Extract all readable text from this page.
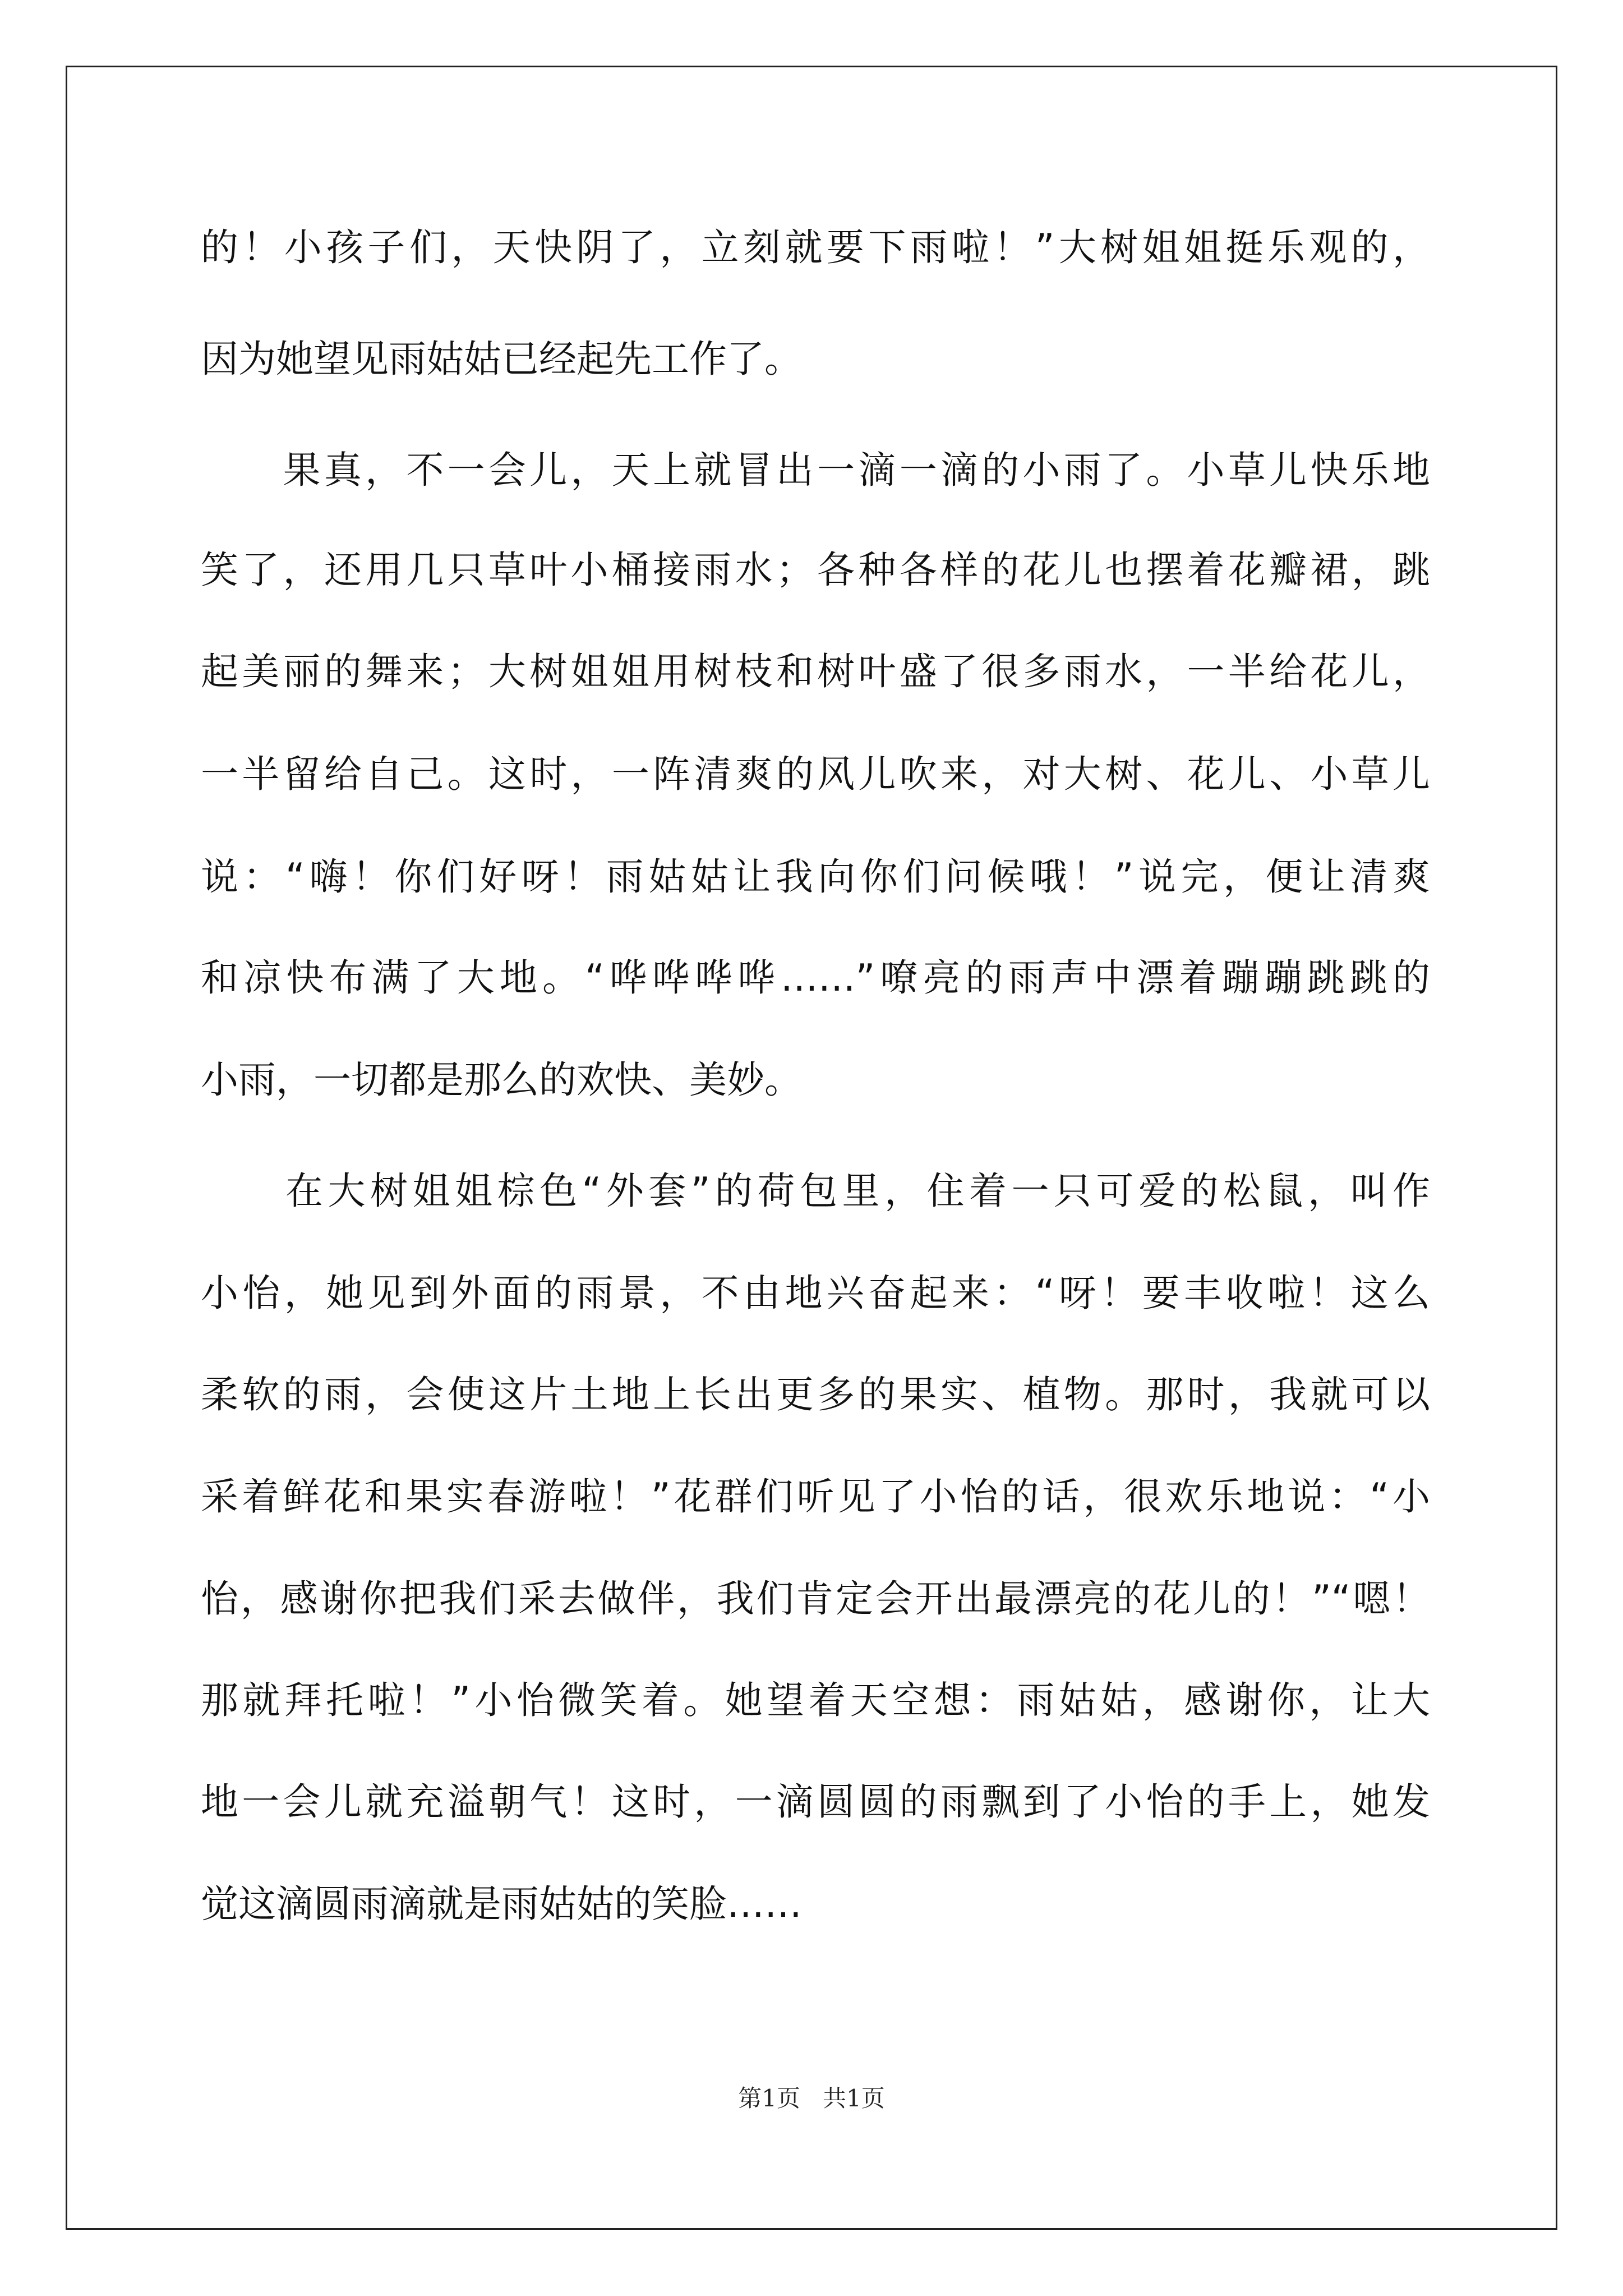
的！小孩子们，天快阴了，立刻就要下雨啦！”大树姐姐挺乐观的，

因为她望见雨姑姑已经起先工作了。

　　果真，不一会儿，天上就冒出一滴一滴的小雨了。小草儿快乐地

笑了，还用几只草叶小桶接雨水；各种各样的花儿也摆着花瓣裙，跳

起美丽的舞来；大树姐姐用树枝和树叶盛了很多雨水，一半给花儿，

一半留给自己。这时，一阵清爽的风儿吹来，对大树、花儿、小草儿

说：“嗨！你们好呀！雨姑姑让我向你们问候哦！”说完，便让清爽

和凉快布满了大地。“哗哗哗哗……”嘹亮的雨声中漂着蹦蹦跳跳的

小雨，一切都是那么的欢快、美妙。

　　在大树姐姐棕色“外套”的荷包里，住着一只可爱的松鼠，叫作

小怡，她见到外面的雨景，不由地兴奋起来：“呀！要丰收啦！这么

柔软的雨，会使这片土地上长出更多的果实、植物。那时，我就可以

采着鲜花和果实春游啦！”花群们听见了小怡的话，很欢乐地说：“小

怡，感谢你把我们采去做伴，我们肯定会开出最漂亮的花儿的！”“嗯！

那就拜托啦！”小怡微笑着。她望着天空想：雨姑姑，感谢你，让大

地一会儿就充溢朝气！这时，一滴圆圆的雨飘到了小怡的手上，她发

觉这滴圆雨滴就是雨姑姑的笑脸……

第1页 共1页
